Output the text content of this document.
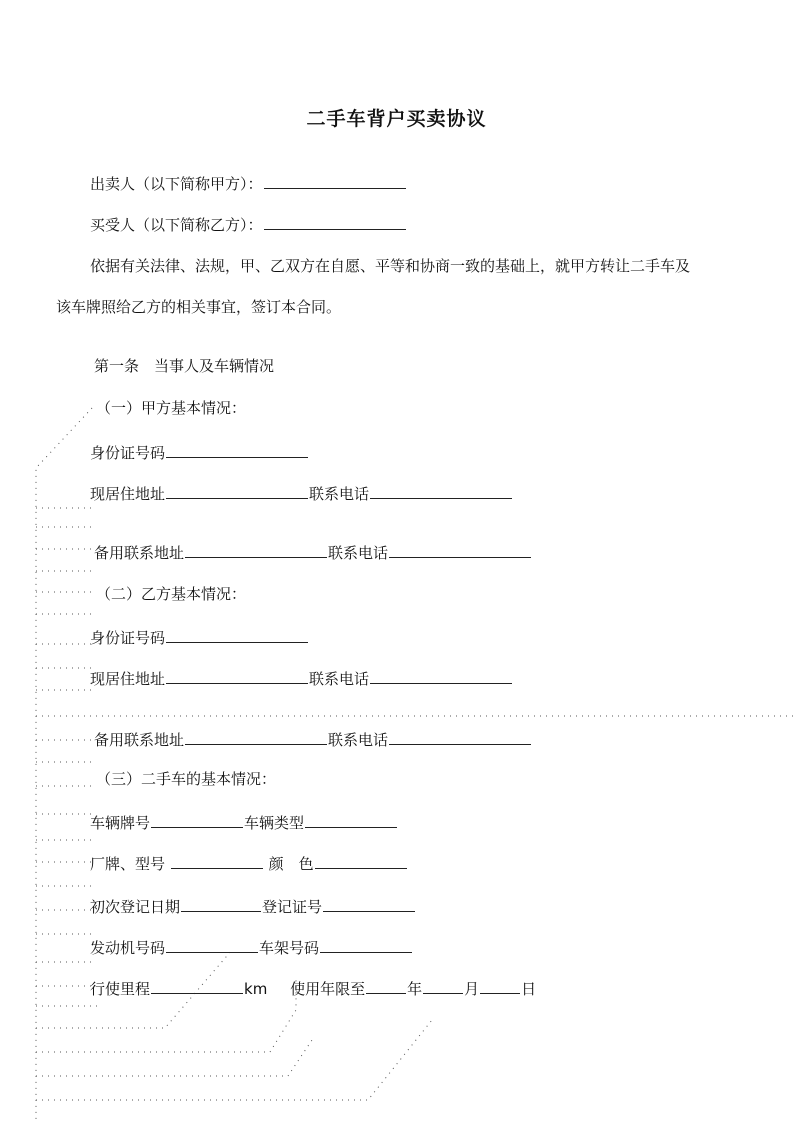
二手车背户买卖协议
出卖人（以下简称甲方）：
买受人（以下简称乙方）：
依据有关法律、法规，甲、乙双方在自愿、平等和协商一致的基础上，就甲方转让二手车及
该车牌照给乙方的相关事宜，签订本合同。
第一条　当事人及车辆情况
（一）甲方基本情况：
身份证号码
现居住地址	联系电话
备用联系地址	联系电话
（二）乙方基本情况：
身份证号码
现居住地址	联系电话
备用联系地址	联系电话
（三）二手车的基本情况：
车辆牌号	车辆类型
厂牌、型号	颜　色
初次登记日期	登记证号
发动机号码	车架号码
行使里程	km 使用年限至	年	月	日
